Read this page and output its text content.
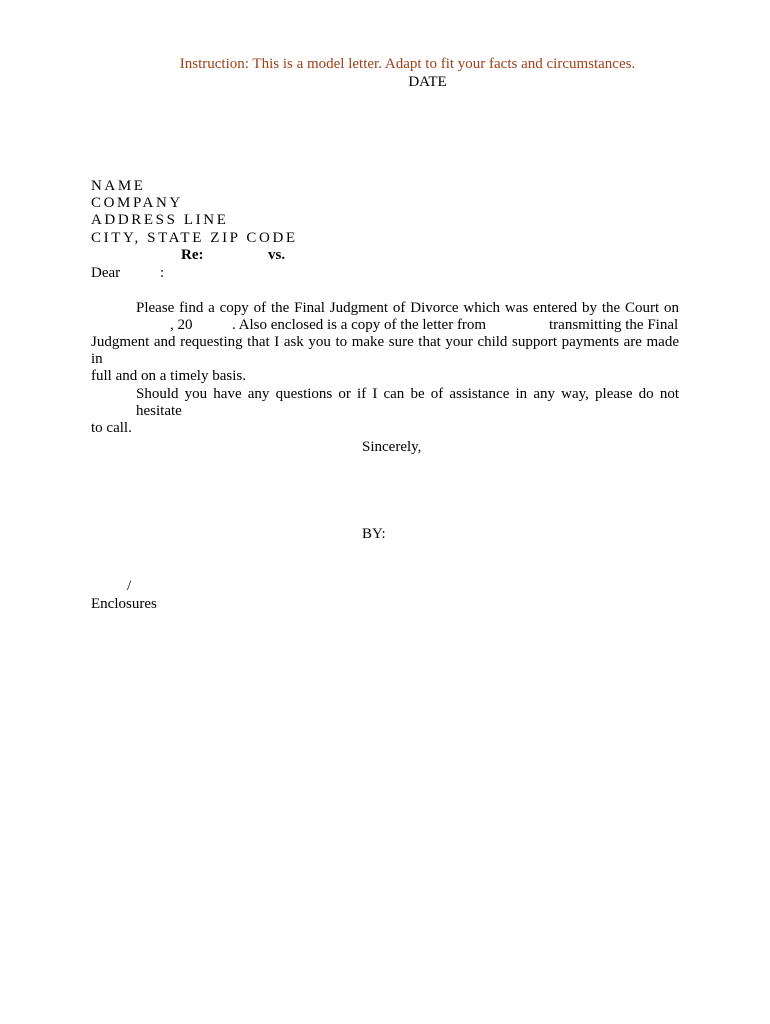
Instruction: This is a model letter. Adapt to fit your facts and circumstances.
DATE
NAME
COMPANY
ADDRESS LINE
CITY, STATE ZIP CODE
Re:	vs.
Dear	:
Please find a copy of the Final Judgment of Divorce which was entered by the Court on
, 20	. Also enclosed is a copy of the letter from	transmitting the Final
Judgment and requesting that I ask you to make sure that your child support payments are made in
full and on a timely basis.
Should you have any questions or if I can be of assistance in any way, please do not hesitate
to call.
Sincerely,
BY:
/
Enclosures
